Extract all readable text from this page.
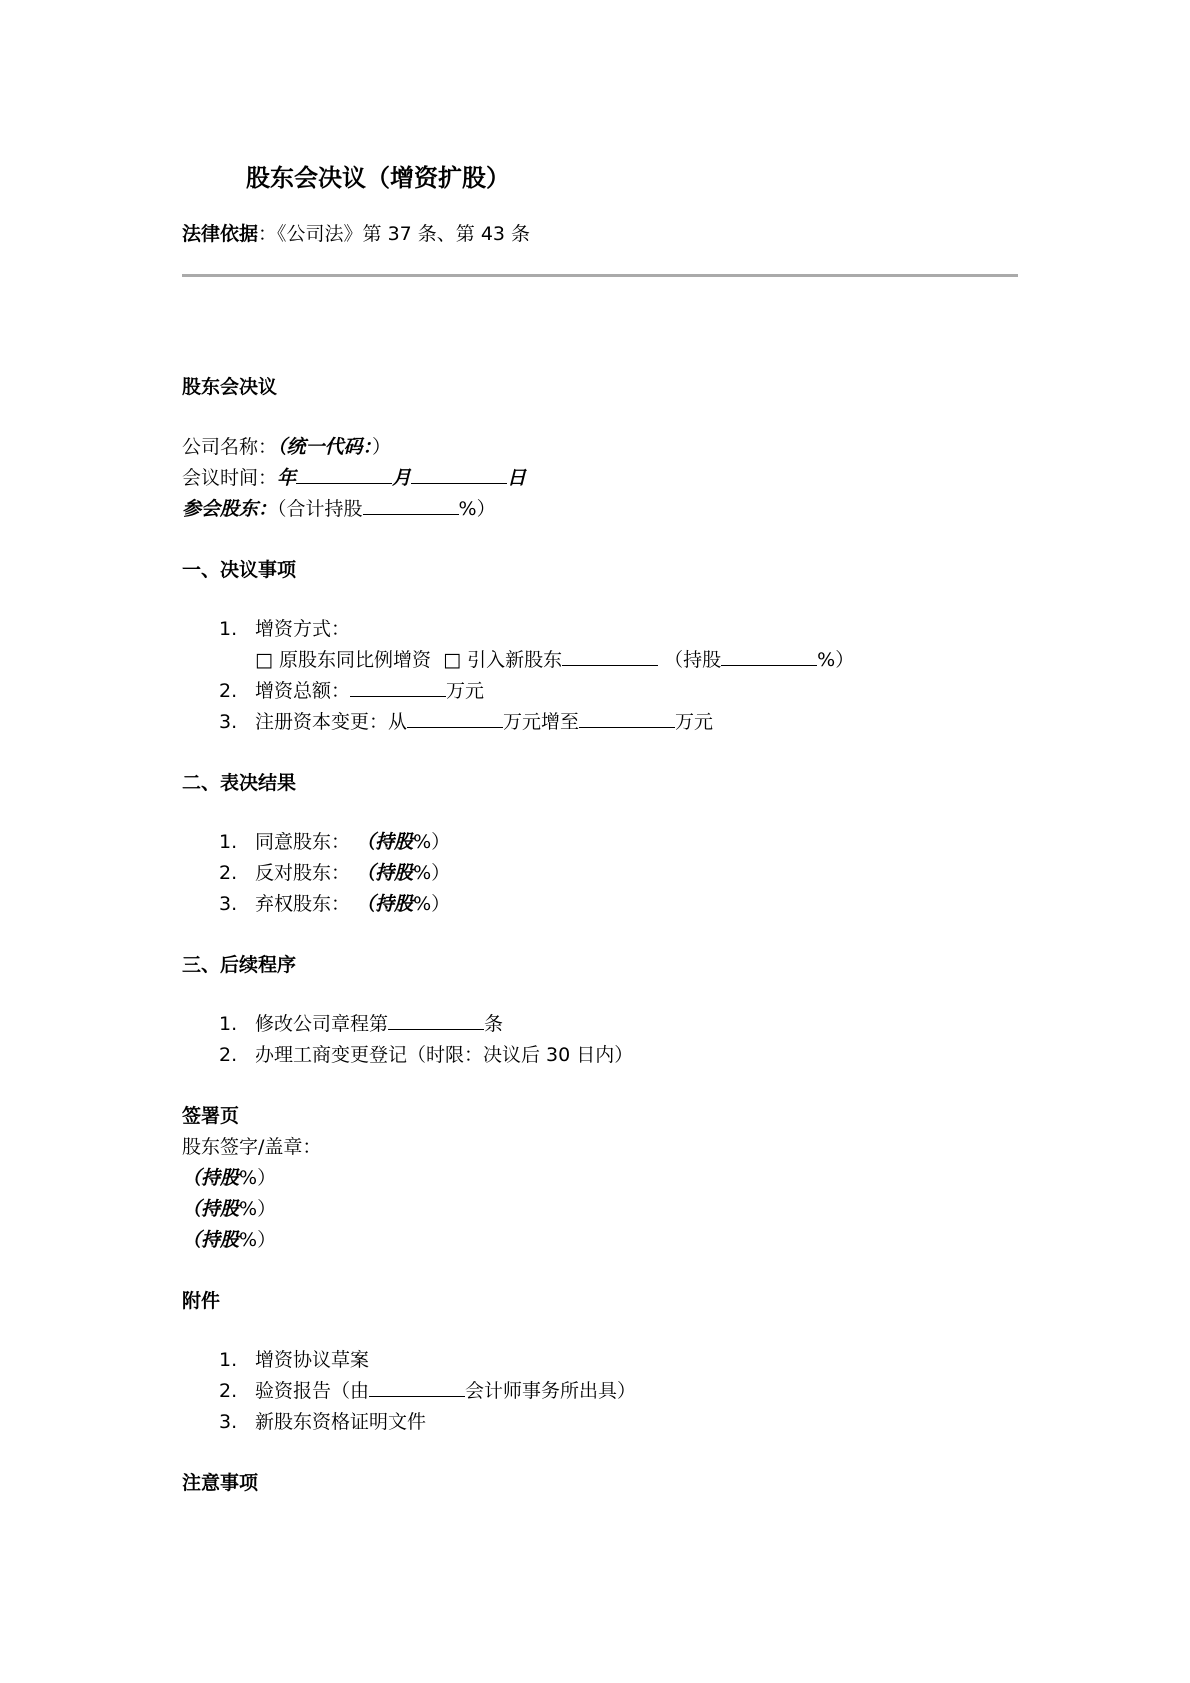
股东会决议（增资扩股）
法律依据：《公司法》第 37 条、第 43 条
股东会决议
公司名称：（统一代码：）
会议时间：年	月	日
参会股东：（合计持股	%）
一、决议事项
1. 增资方式：
□ 原股东同比例增资 □ 引入新股东	（持股	%）
2. 增资总额：	万元
3. 注册资本变更：从	万元增至	万元
二、表决结果
1. 同意股东： （持股%）
2. 反对股东： （持股%）
3. 弃权股东： （持股%）
三、后续程序
1. 修改公司章程第	条
2. 办理工商变更登记（时限：决议后 30 日内）
签署页
股东签字/盖章：
（持股%）
（持股%）
（持股%）
附件
1. 增资协议草案
2. 验资报告（由	会计师事务所出具）
3. 新股东资格证明文件
注意事项
